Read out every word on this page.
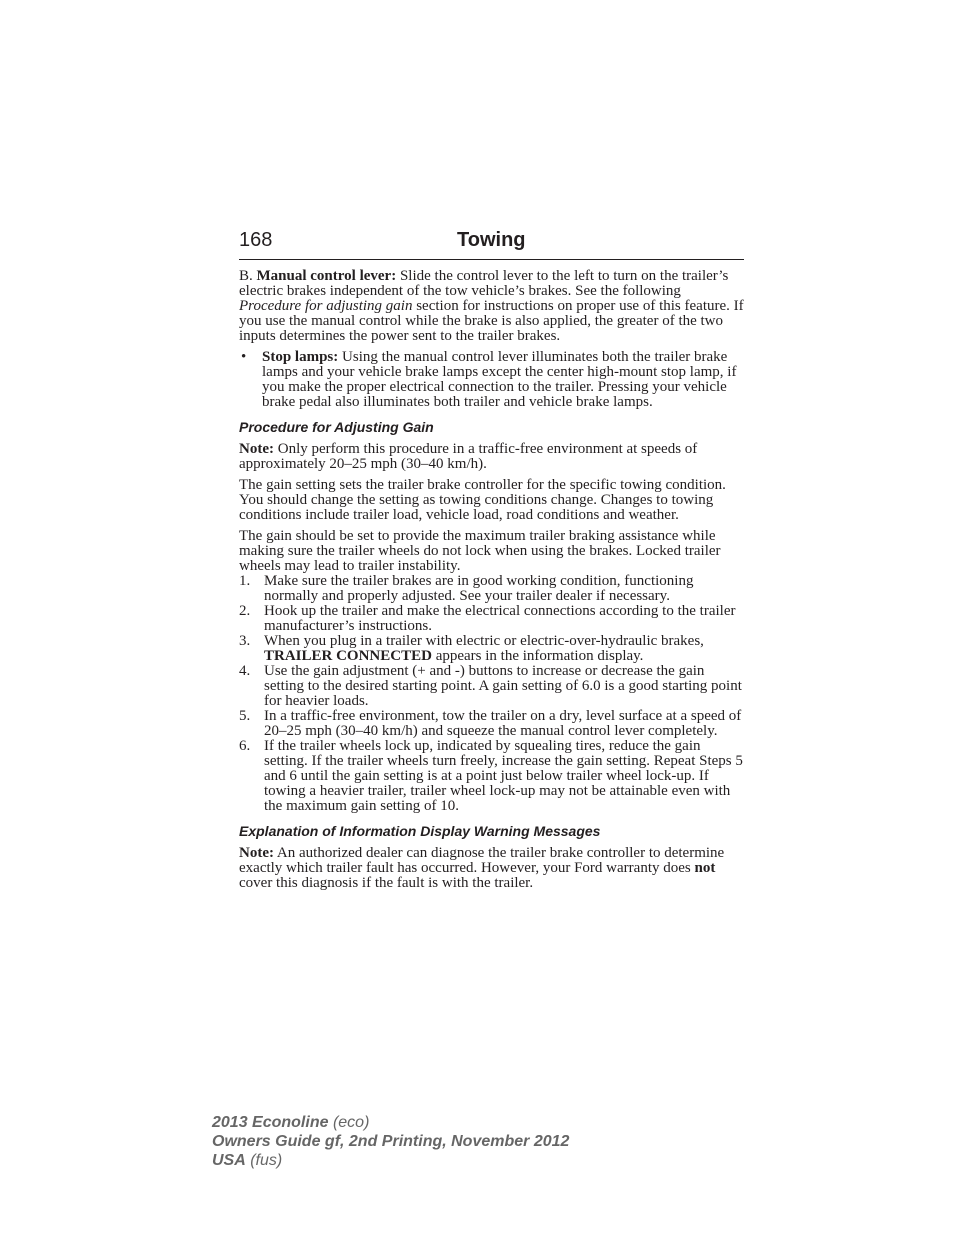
168	Towing

B. Manual control lever: Slide the control lever to the left to turn on the trailer’s electric brakes independent of the tow vehicle’s brakes. See the following Procedure for adjusting gain section for instructions on proper use of this feature. If you use the manual control while the brake is also applied, the greater of the two inputs determines the power sent to the trailer brakes.

• Stop lamps: Using the manual control lever illuminates both the trailer brake lamps and your vehicle brake lamps except the center high-mount stop lamp, if you make the proper electrical connection to the trailer. Pressing your vehicle brake pedal also illuminates both trailer and vehicle brake lamps.
Procedure for Adjusting Gain

Note: Only perform this procedure in a traffic-free environment at speeds of approximately 20–25 mph (30–40 km/h).

The gain setting sets the trailer brake controller for the specific towing condition. You should change the setting as towing conditions change. Changes to towing conditions include trailer load, vehicle load, road conditions and weather.

The gain should be set to provide the maximum trailer braking assistance while making sure the trailer wheels do not lock when using the brakes. Locked trailer wheels may lead to trailer instability.

1. Make sure the trailer brakes are in good working condition, functioning normally and properly adjusted. See your trailer dealer if necessary.
2. Hook up the trailer and make the electrical connections according to the trailer manufacturer’s instructions.
3. When you plug in a trailer with electric or electric-over-hydraulic brakes, TRAILER CONNECTED appears in the information display.
4. Use the gain adjustment (+ and -) buttons to increase or decrease the gain setting to the desired starting point. A gain setting of 6.0 is a good starting point for heavier loads.
5. In a traffic-free environment, tow the trailer on a dry, level surface at a speed of 20–25 mph (30–40 km/h) and squeeze the manual control lever completely.
6. If the trailer wheels lock up, indicated by squealing tires, reduce the gain setting. If the trailer wheels turn freely, increase the gain setting. Repeat Steps 5 and 6 until the gain setting is at a point just below trailer wheel lock-up. If towing a heavier trailer, trailer wheel lock-up may not be attainable even with the maximum gain setting of 10.
Explanation of Information Display Warning Messages

Note: An authorized dealer can diagnose the trailer brake controller to determine exactly which trailer fault has occurred. However, your Ford warranty does not cover this diagnosis if the fault is with the trailer.

2013 Econoline (eco)
Owners Guide gf, 2nd Printing, November 2012
USA (fus)
